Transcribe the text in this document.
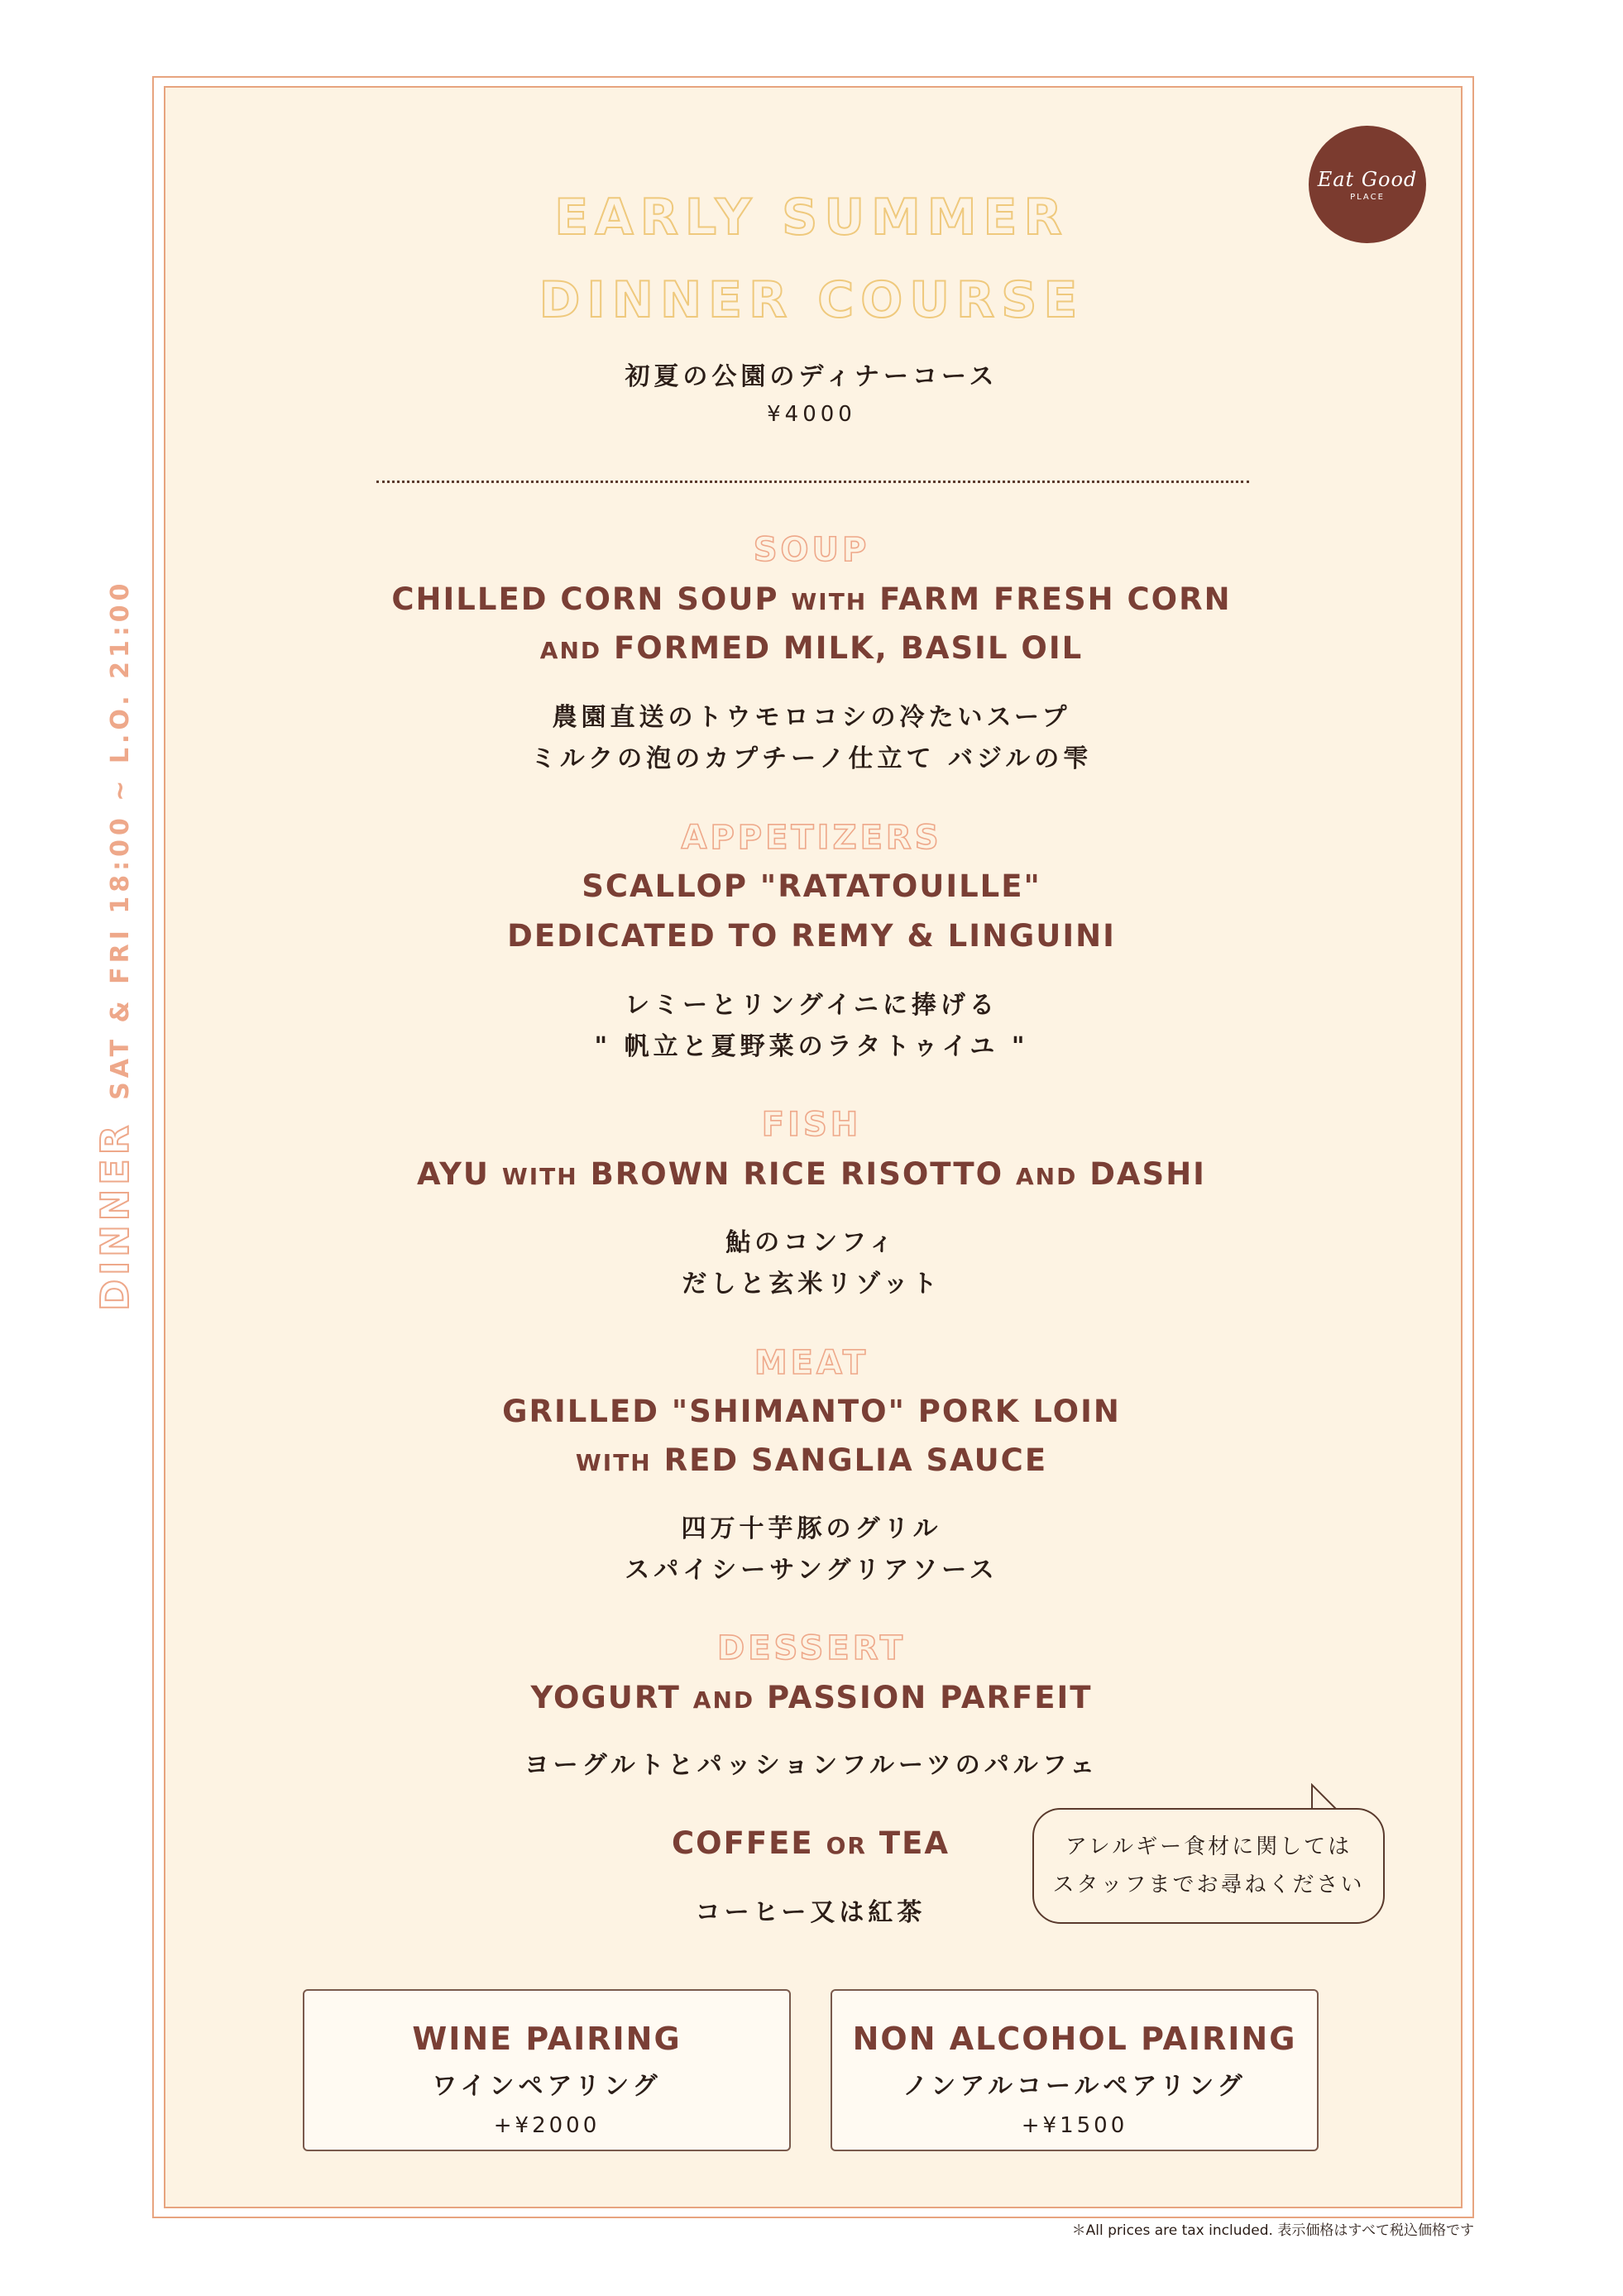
Eat Good
PLACE
EARLY SUMMER
DINNER COURSE
初夏の公園のディナーコース
¥4000
DINNERSAT & FRI 18:00 ~ L.O. 21:00
SOUP
CHILLED CORN SOUP WITH FARM FRESH CORN
AND FORMED MILK, BASIL OIL
農園直送のトウモロコシの冷たいスープ
ミルクの泡のカプチーノ仕立て バジルの雫
APPETIZERS
SCALLOP "RATATOUILLE"
DEDICATED TO REMY & LINGUINI
レミーとリングイニに捧げる
" 帆立と夏野菜のラタトゥイユ "
FISH
AYU WITH BROWN RICE RISOTTO AND DASHI
鮎のコンフィ
だしと玄米リゾット
MEAT
GRILLED "SHIMANTO" PORK LOIN
WITH RED SANGLIA SAUCE
四万十芋豚のグリル
スパイシーサングリアソース
DESSERT
YOGURT AND PASSION PARFEIT
ヨーグルトとパッションフルーツのパルフェ
COFFEE OR TEA
コーヒー又は紅茶
アレルギー食材に関しては
スタッフまでお尋ねください
WINE PAIRING
ワインペアリング
+¥2000
NON ALCOHOL PAIRING
ノンアルコールペアリング
+¥1500
＊All prices are tax included. 表示価格はすべて税込価格です
